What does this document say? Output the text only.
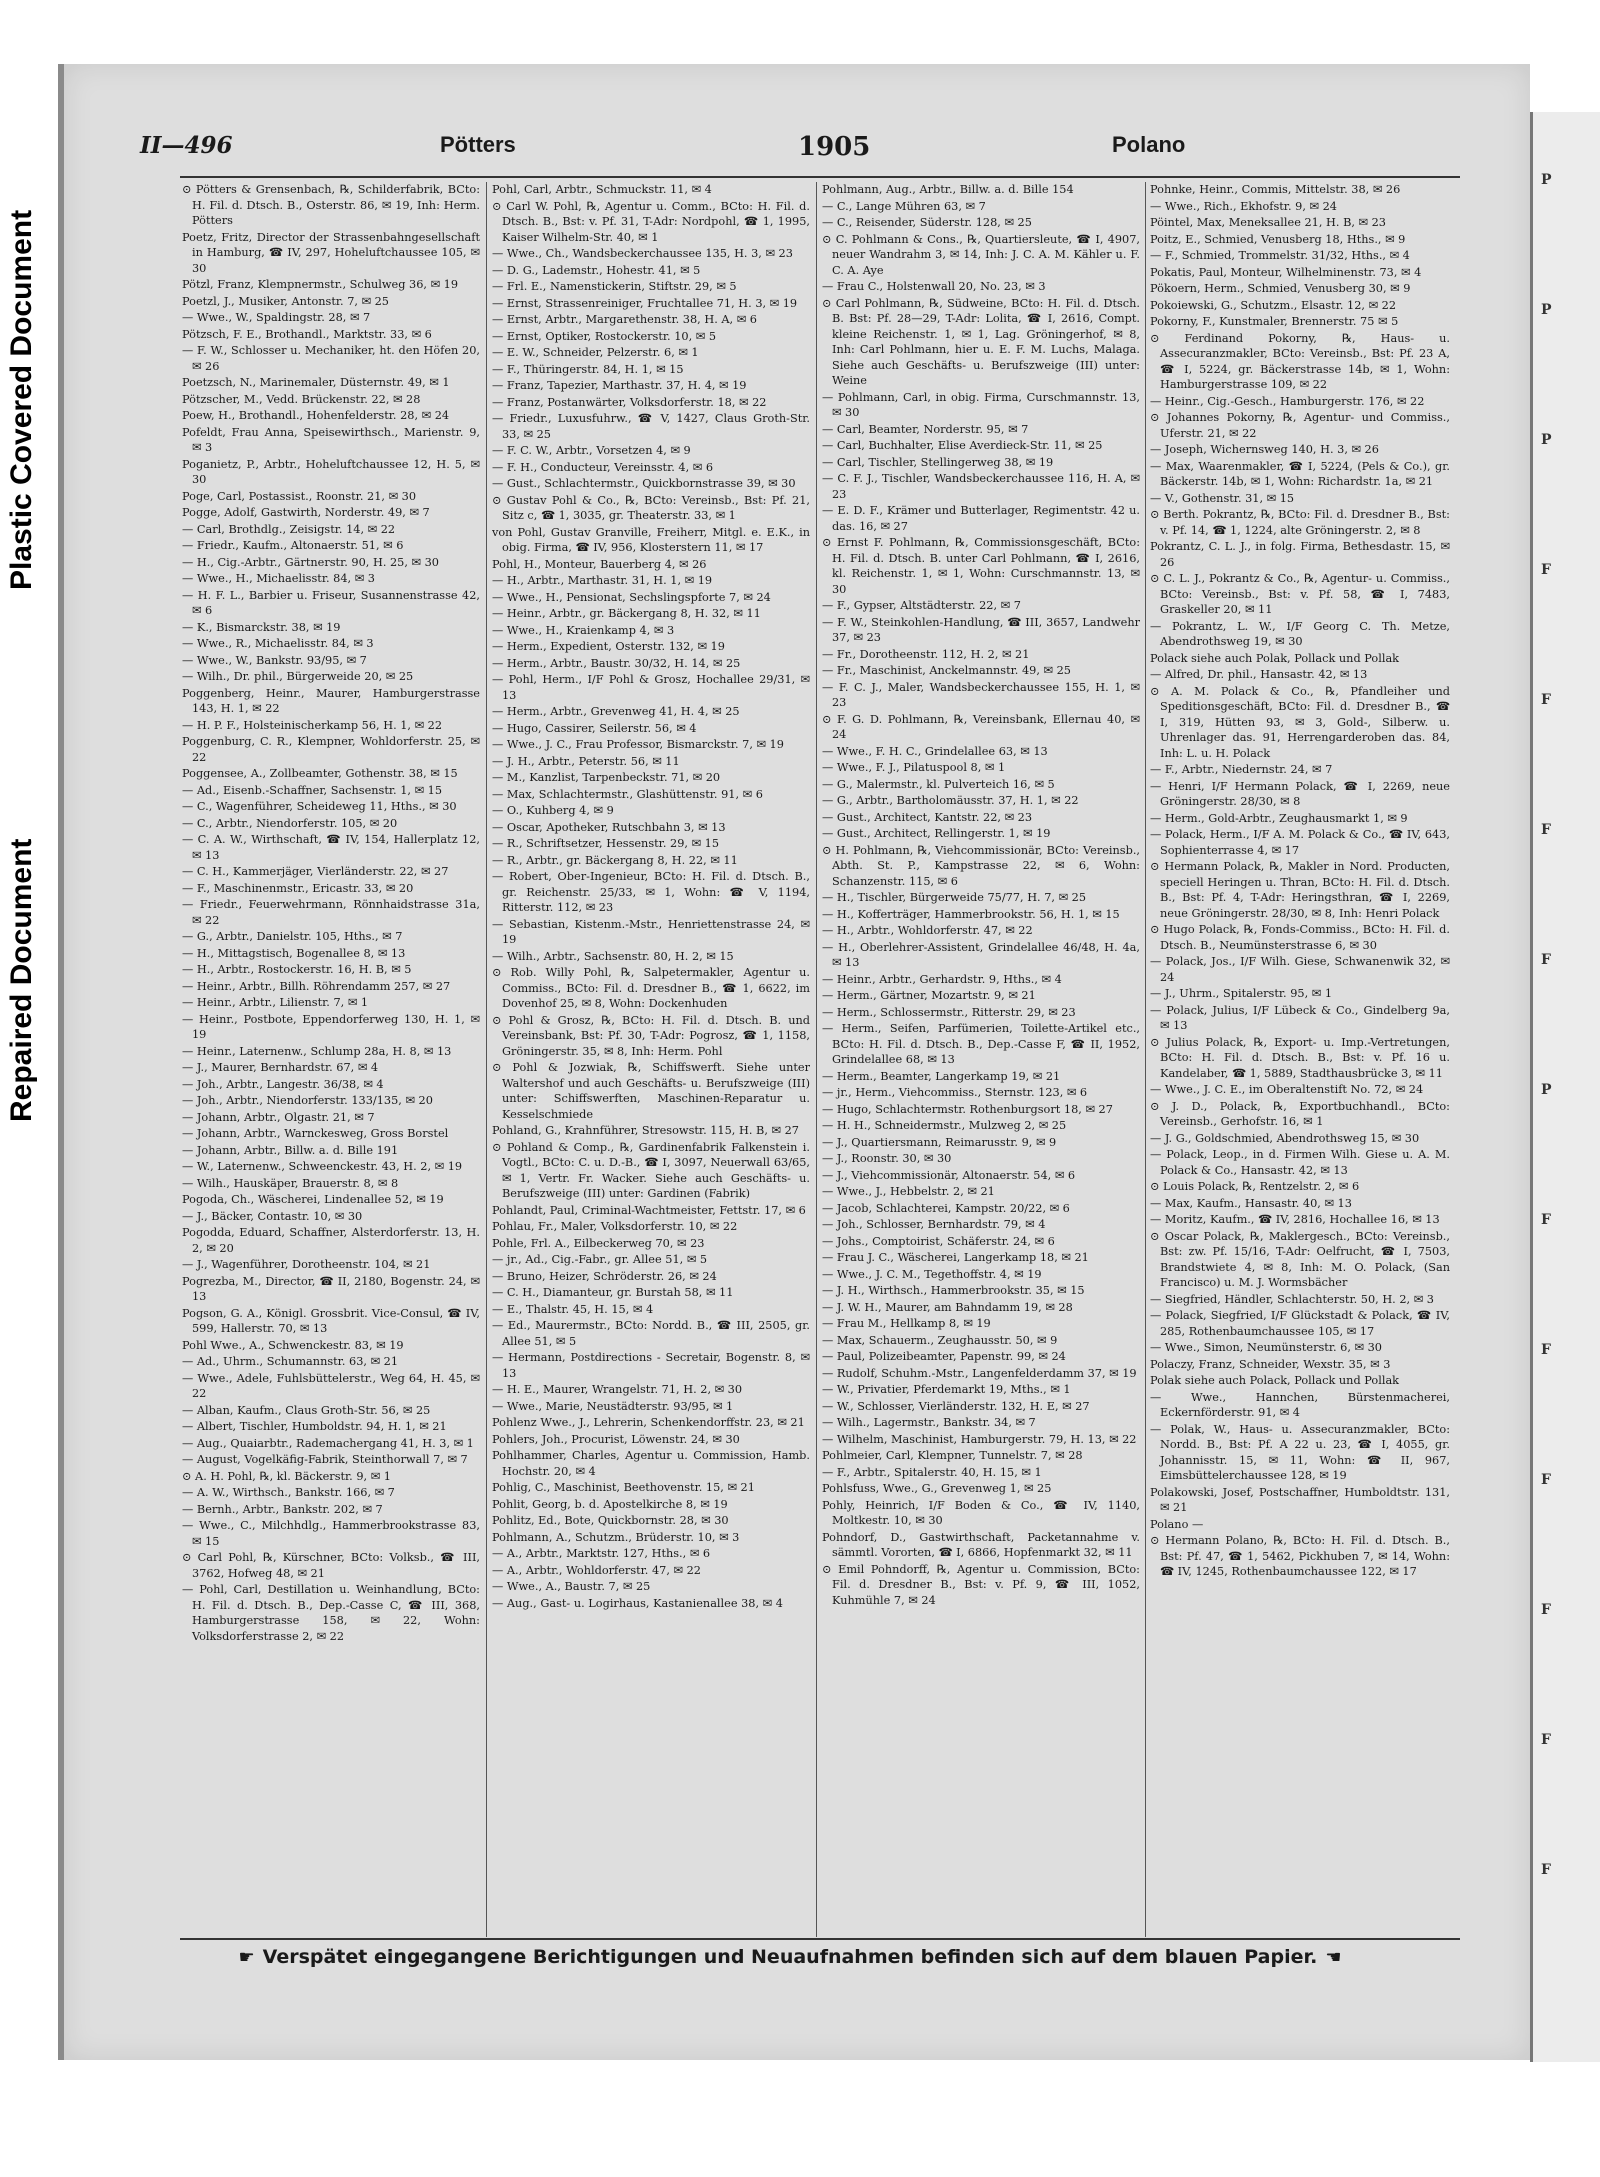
Plastic Covered Document
Repaired Document
P
P
P
F
F
F
F
P
F
F
F
F
F
F
II—496	Pötters	1905	Polano
⊙ Pötters & Grensenbach, ℞, Schilderfabrik, BCto: H. Fil. d. Dtsch. B., Osterstr. 86, ✉ 19, Inh: Herm. Pötters
Poetz, Fritz, Director der Strassenbahngesellschaft in Hamburg, ☎ IV, 297, Hoheluftchaussee 105, ✉ 30
Pötzl, Franz, Klempnermstr., Schulweg 36, ✉ 19
Poetzl, J., Musiker, Antonstr. 7, ✉ 25
— Wwe., W., Spaldingstr. 28, ✉ 7
Pötzsch, F. E., Brothandl., Marktstr. 33, ✉ 6
— F. W., Schlosser u. Mechaniker, ht. den Höfen 20, ✉ 26
Poetzsch, N., Marinemaler, Düsternstr. 49, ✉ 1
Pötzscher, M., Vedd. Brückenstr. 22, ✉ 28
Poew, H., Brothandl., Hohenfelderstr. 28, ✉ 24
Pofeldt, Frau Anna, Speisewirthsch., Marienstr. 9, ✉ 3
Poganietz, P., Arbtr., Hoheluftchaussee 12, H. 5, ✉ 30
Poge, Carl, Postassist., Roonstr. 21, ✉ 30
Pogge, Adolf, Gastwirth, Norderstr. 49, ✉ 7
— Carl, Brothdlg., Zeisigstr. 14, ✉ 22
— Friedr., Kaufm., Altonaerstr. 51, ✉ 6
— H., Cig.-Arbtr., Gärtnerstr. 90, H. 25, ✉ 30
— Wwe., H., Michaelisstr. 84, ✉ 3
— H. F. L., Barbier u. Friseur, Susannenstrasse 42, ✉ 6
— K., Bismarckstr. 38, ✉ 19
— Wwe., R., Michaelisstr. 84, ✉ 3
— Wwe., W., Bankstr. 93/95, ✉ 7
— Wilh., Dr. phil., Bürgerweide 20, ✉ 25
Poggenberg, Heinr., Maurer, Hamburgerstrasse 143, H. 1, ✉ 22
— H. P. F., Holsteinischerkamp 56, H. 1, ✉ 22
Poggenburg, C. R., Klempner, Wohldorferstr. 25, ✉ 22
Poggensee, A., Zollbeamter, Gothenstr. 38, ✉ 15
— Ad., Eisenb.-Schaffner, Sachsenstr. 1, ✉ 15
— C., Wagenführer, Scheideweg 11, Hths., ✉ 30
— C., Arbtr., Niendorferstr. 105, ✉ 20
— C. A. W., Wirthschaft, ☎ IV, 154, Hallerplatz 12, ✉ 13
— C. H., Kammerjäger, Vierländerstr. 22, ✉ 27
— F., Maschinenmstr., Ericastr. 33, ✉ 20
— Friedr., Feuerwehrmann, Rönnhaidstrasse 31a, ✉ 22
— G., Arbtr., Danielstr. 105, Hths., ✉ 7
— H., Mittagstisch, Bogenallee 8, ✉ 13
— H., Arbtr., Rostockerstr. 16, H. B, ✉ 5
— Heinr., Arbtr., Billh. Röhrendamm 257, ✉ 27
— Heinr., Arbtr., Lilienstr. 7, ✉ 1
— Heinr., Postbote, Eppendorferweg 130, H. 1, ✉ 19
— Heinr., Laternenw., Schlump 28a, H. 8, ✉ 13
— J., Maurer, Bernhardstr. 67, ✉ 4
— Joh., Arbtr., Langestr. 36/38, ✉ 4
— Joh., Arbtr., Niendorferstr. 133/135, ✉ 20
— Johann, Arbtr., Olgastr. 21, ✉ 7
— Johann, Arbtr., Warnckesweg, Gross Borstel
— Johann, Arbtr., Billw. a. d. Bille 191
— W., Laternenw., Schweenckestr. 43, H. 2, ✉ 19
— Wilh., Hauskäper, Brauerstr. 8, ✉ 8
Pogoda, Ch., Wäscherei, Lindenallee 52, ✉ 19
— J., Bäcker, Contastr. 10, ✉ 30
Pogodda, Eduard, Schaffner, Alsterdorferstr. 13, H. 2, ✉ 20
— J., Wagenführer, Dorotheenstr. 104, ✉ 21
Pogrezba, M., Director, ☎ II, 2180, Bogenstr. 24, ✉ 13
Pogson, G. A., Königl. Grossbrit. Vice-Consul, ☎ IV, 599, Hallerstr. 70, ✉ 13
Pohl Wwe., A., Schwenckestr. 83, ✉ 19
— Ad., Uhrm., Schumannstr. 63, ✉ 21
— Wwe., Adele, Fuhlsbüttelerstr., Weg 64, H. 45, ✉ 22
— Alban, Kaufm., Claus Groth-Str. 56, ✉ 25
— Albert, Tischler, Humboldstr. 94, H. 1, ✉ 21
— Aug., Quaiarbtr., Rademachergang 41, H. 3, ✉ 1
— August, Vogelkäfig-Fabrik, Steinthorwall 7, ✉ 7
⊙ A. H. Pohl, ℞, kl. Bäckerstr. 9, ✉ 1
— A. W., Wirthsch., Bankstr. 166, ✉ 7
— Bernh., Arbtr., Bankstr. 202, ✉ 7
— Wwe., C., Milchhdlg., Hammerbrookstrasse 83, ✉ 15
⊙ Carl Pohl, ℞, Kürschner, BCto: Volksb., ☎ III, 3762, Hofweg 48, ✉ 21
— Pohl, Carl, Destillation u. Weinhandlung, BCto: H. Fil. d. Dtsch. B., Dep.-Casse C, ☎ III, 368, Hamburgerstrasse 158, ✉ 22, Wohn: Volksdorferstrasse 2, ✉ 22
Pohl, Carl, Arbtr., Schmuckstr. 11, ✉ 4
⊙ Carl W. Pohl, ℞, Agentur u. Comm., BCto: H. Fil. d. Dtsch. B., Bst: v. Pf. 31, T-Adr: Nordpohl, ☎ 1, 1995, Kaiser Wilhelm-Str. 40, ✉ 1
— Wwe., Ch., Wandsbeckerchaussee 135, H. 3, ✉ 23
— D. G., Lademstr., Hohestr. 41, ✉ 5
— Frl. E., Namenstickerin, Stiftstr. 29, ✉ 5
— Ernst, Strassenreiniger, Fruchtallee 71, H. 3, ✉ 19
— Ernst, Arbtr., Margarethenstr. 38, H. A, ✉ 6
— Ernst, Optiker, Rostockerstr. 10, ✉ 5
— E. W., Schneider, Pelzerstr. 6, ✉ 1
— F., Thüringerstr. 84, H. 1, ✉ 15
— Franz, Tapezier, Marthastr. 37, H. 4, ✉ 19
— Franz, Postanwärter, Volksdorferstr. 18, ✉ 22
— Friedr., Luxusfuhrw., ☎ V, 1427, Claus Groth-Str. 33, ✉ 25
— F. C. W., Arbtr., Vorsetzen 4, ✉ 9
— F. H., Conducteur, Vereinsstr. 4, ✉ 6
— Gust., Schlachtermstr., Quickbornstrasse 39, ✉ 30
⊙ Gustav Pohl & Co., ℞, BCto: Vereinsb., Bst: Pf. 21, Sitz c, ☎ 1, 3035, gr. Theaterstr. 33, ✉ 1
von Pohl, Gustav Granville, Freiherr, Mitgl. e. E.K., in obig. Firma, ☎ IV, 956, Klosterstern 11, ✉ 17
Pohl, H., Monteur, Bauerberg 4, ✉ 26
— H., Arbtr., Marthastr. 31, H. 1, ✉ 19
— Wwe., H., Pensionat, Sechslingspforte 7, ✉ 24
— Heinr., Arbtr., gr. Bäckergang 8, H. 32, ✉ 11
— Wwe., H., Kraienkamp 4, ✉ 3
— Herm., Expedient, Osterstr. 132, ✉ 19
— Herm., Arbtr., Baustr. 30/32, H. 14, ✉ 25
— Pohl, Herm., I/F Pohl & Grosz, Hochallee 29/31, ✉ 13
— Herm., Arbtr., Grevenweg 41, H. 4, ✉ 25
— Hugo, Cassirer, Seilerstr. 56, ✉ 4
— Wwe., J. C., Frau Professor, Bismarckstr. 7, ✉ 19
— J. H., Arbtr., Peterstr. 56, ✉ 11
— M., Kanzlist, Tarpenbeckstr. 71, ✉ 20
— Max, Schlachtermstr., Glashüttenstr. 91, ✉ 6
— O., Kuhberg 4, ✉ 9
— Oscar, Apotheker, Rutschbahn 3, ✉ 13
— R., Schriftsetzer, Hessenstr. 29, ✉ 15
— R., Arbtr., gr. Bäckergang 8, H. 22, ✉ 11
— Robert, Ober-Ingenieur, BCto: H. Fil. d. Dtsch. B., gr. Reichenstr. 25/33, ✉ 1, Wohn: ☎ V, 1194, Ritterstr. 112, ✉ 23
— Sebastian, Kistenm.-Mstr., Henriettenstrasse 24, ✉ 19
— Wilh., Arbtr., Sachsenstr. 80, H. 2, ✉ 15
⊙ Rob. Willy Pohl, ℞, Salpetermakler, Agentur u. Commiss., BCto: Fil. d. Dresdner B., ☎ 1, 6622, im Dovenhof 25, ✉ 8, Wohn: Dockenhuden
⊙ Pohl & Grosz, ℞, BCto: H. Fil. d. Dtsch. B. und Vereinsbank, Bst: Pf. 30, T-Adr: Pogrosz, ☎ 1, 1158, Gröningerstr. 35, ✉ 8, Inh: Herm. Pohl
⊙ Pohl & Jozwiak, ℞, Schiffswerft. Siehe unter Waltershof und auch Geschäfts- u. Berufszweige (III) unter: Schiffswerften, Maschinen-Reparatur u. Kesselschmiede
Pohland, G., Krahnführer, Stresowstr. 115, H. B, ✉ 27
⊙ Pohland & Comp., ℞, Gardinenfabrik Falkenstein i. Vogtl., BCto: C. u. D.-B., ☎ I, 3097, Neuerwall 63/65, ✉ 1, Vertr. Fr. Wacker. Siehe auch Geschäfts- u. Berufszweige (III) unter: Gardinen (Fabrik)
Pohlandt, Paul, Criminal-Wachtmeister, Fettstr. 17, ✉ 6
Pohlau, Fr., Maler, Volksdorferstr. 10, ✉ 22
Pohle, Frl. A., Eilbeckerweg 70, ✉ 23
— jr., Ad., Cig.-Fabr., gr. Allee 51, ✉ 5
— Bruno, Heizer, Schröderstr. 26, ✉ 24
— C. H., Diamanteur, gr. Burstah 58, ✉ 11
— E., Thalstr. 45, H. 15, ✉ 4
— Ed., Maurermstr., BCto: Nordd. B., ☎ III, 2505, gr. Allee 51, ✉ 5
— Hermann, Postdirections - Secretair, Bogenstr. 8, ✉ 13
— H. E., Maurer, Wrangelstr. 71, H. 2, ✉ 30
— Wwe., Marie, Neustädterstr. 93/95, ✉ 1
Pohlenz Wwe., J., Lehrerin, Schenkendorffstr. 23, ✉ 21
Pohlers, Joh., Procurist, Löwenstr. 24, ✉ 30
Pohlhammer, Charles, Agentur u. Commission, Hamb. Hochstr. 20, ✉ 4
Pohlig, C., Maschinist, Beethovenstr. 15, ✉ 21
Pohlit, Georg, b. d. Apostelkirche 8, ✉ 19
Pohlitz, Ed., Bote, Quickbornstr. 28, ✉ 30
Pohlmann, A., Schutzm., Brüderstr. 10, ✉ 3
— A., Arbtr., Marktstr. 127, Hths., ✉ 6
— A., Arbtr., Wohldorferstr. 47, ✉ 22
— Wwe., A., Baustr. 7, ✉ 25
— Aug., Gast- u. Logirhaus, Kastanienallee 38, ✉ 4
Pohlmann, Aug., Arbtr., Billw. a. d. Bille 154
— C., Lange Mühren 63, ✉ 7
— C., Reisender, Süderstr. 128, ✉ 25
⊙ C. Pohlmann & Cons., ℞, Quartiersleute, ☎ I, 4907, neuer Wandrahm 3, ✉ 14, Inh: J. C. A. M. Kähler u. F. C. A. Aye
— Frau C., Holstenwall 20, No. 23, ✉ 3
⊙ Carl Pohlmann, ℞, Südweine, BCto: H. Fil. d. Dtsch. B. Bst: Pf. 28—29, T-Adr: Lolita, ☎ I, 2616, Compt. kleine Reichenstr. 1, ✉ 1, Lag. Gröningerhof, ✉ 8, Inh: Carl Pohlmann, hier u. E. F. M. Luchs, Malaga. Siehe auch Geschäfts- u. Berufszweige (III) unter: Weine
— Pohlmann, Carl, in obig. Firma, Curschmannstr. 13, ✉ 30
— Carl, Beamter, Norderstr. 95, ✉ 7
— Carl, Buchhalter, Elise Averdieck-Str. 11, ✉ 25
— Carl, Tischler, Stellingerweg 38, ✉ 19
— C. F. J., Tischler, Wandsbeckerchaussee 116, H. A, ✉ 23
— E. D. F., Krämer und Butterlager, Regimentstr. 42 u. das. 16, ✉ 27
⊙ Ernst F. Pohlmann, ℞, Commissionsgeschäft, BCto: H. Fil. d. Dtsch. B. unter Carl Pohlmann, ☎ I, 2616, kl. Reichenstr. 1, ✉ 1, Wohn: Curschmannstr. 13, ✉ 30
— F., Gypser, Altstädterstr. 22, ✉ 7
— F. W., Steinkohlen-Handlung, ☎ III, 3657, Landwehr 37, ✉ 23
— Fr., Dorotheenstr. 112, H. 2, ✉ 21
— Fr., Maschinist, Anckelmannstr. 49, ✉ 25
— F. C. J., Maler, Wandsbeckerchaussee 155, H. 1, ✉ 23
⊙ F. G. D. Pohlmann, ℞, Vereinsbank, Ellernau 40, ✉ 24
— Wwe., F. H. C., Grindelallee 63, ✉ 13
— Wwe., F. J., Pilatuspool 8, ✉ 1
— G., Malermstr., kl. Pulverteich 16, ✉ 5
— G., Arbtr., Bartholomäusstr. 37, H. 1, ✉ 22
— Gust., Architect, Kantstr. 22, ✉ 23
— Gust., Architect, Rellingerstr. 1, ✉ 19
⊙ H. Pohlmann, ℞, Viehcommissionär, BCto: Vereinsb., Abth. St. P., Kampstrasse 22, ✉ 6, Wohn: Schanzenstr. 115, ✉ 6
— H., Tischler, Bürgerweide 75/77, H. 7, ✉ 25
— H., Kofferträger, Hammerbrookstr. 56, H. 1, ✉ 15
— H., Arbtr., Wohldorferstr. 47, ✉ 22
— H., Oberlehrer-Assistent, Grindelallee 46/48, H. 4a, ✉ 13
— Heinr., Arbtr., Gerhardstr. 9, Hths., ✉ 4
— Herm., Gärtner, Mozartstr. 9, ✉ 21
— Herm., Schlossermstr., Ritterstr. 29, ✉ 23
— Herm., Seifen, Parfümerien, Toilette-Artikel etc., BCto: H. Fil. d. Dtsch. B., Dep.-Casse F, ☎ II, 1952, Grindelallee 68, ✉ 13
— Herm., Beamter, Langerkamp 19, ✉ 21
— jr., Herm., Viehcommiss., Sternstr. 123, ✉ 6
— Hugo, Schlachtermstr. Rothenburgsort 18, ✉ 27
— H. H., Schneidermstr., Mulzweg 2, ✉ 25
— J., Quartiersmann, Reimarusstr. 9, ✉ 9
— J., Roonstr. 30, ✉ 30
— J., Viehcommissionär, Altonaerstr. 54, ✉ 6
— Wwe., J., Hebbelstr. 2, ✉ 21
— Jacob, Schlachterei, Kampstr. 20/22, ✉ 6
— Joh., Schlosser, Bernhardstr. 79, ✉ 4
— Johs., Comptoirist, Schäferstr. 24, ✉ 6
— Frau J. C., Wäscherei, Langerkamp 18, ✉ 21
— Wwe., J. C. M., Tegethoffstr. 4, ✉ 19
— J. H., Wirthsch., Hammerbrookstr. 35, ✉ 15
— J. W. H., Maurer, am Bahndamm 19, ✉ 28
— Frau M., Hellkamp 8, ✉ 19
— Max, Schauerm., Zeughausstr. 50, ✉ 9
— Paul, Polizeibeamter, Papenstr. 99, ✉ 24
— Rudolf, Schuhm.-Mstr., Langenfelderdamm 37, ✉ 19
— W., Privatier, Pferdemarkt 19, Mths., ✉ 1
— W., Schlosser, Vierländerstr. 132, H. E, ✉ 27
— Wilh., Lagermstr., Bankstr. 34, ✉ 7
— Wilhelm, Maschinist, Hamburgerstr. 79, H. 13, ✉ 22
Pohlmeier, Carl, Klempner, Tunnelstr. 7, ✉ 28
— F., Arbtr., Spitalerstr. 40, H. 15, ✉ 1
Pohlsfuss, Wwe., G., Grevenweg 1, ✉ 25
Pohly, Heinrich, I/F Boden & Co., ☎ IV, 1140, Moltkestr. 10, ✉ 30
Pohndorf, D., Gastwirthschaft, Packetannahme v. sämmtl. Vororten, ☎ I, 6866, Hopfenmarkt 32, ✉ 11
⊙ Emil Pohndorff, ℞, Agentur u. Commission, BCto: Fil. d. Dresdner B., Bst: v. Pf. 9, ☎ III, 1052, Kuhmühle 7, ✉ 24
Pohnke, Heinr., Commis, Mittelstr. 38, ✉ 26
— Wwe., Rich., Ekhofstr. 9, ✉ 24
Pöintel, Max, Meneksallee 21, H. B, ✉ 23
Poitz, E., Schmied, Venusberg 18, Hths., ✉ 9
— F., Schmied, Trommelstr. 31/32, Hths., ✉ 4
Pokatis, Paul, Monteur, Wilhelminenstr. 73, ✉ 4
Pökoern, Herm., Schmied, Venusberg 30, ✉ 9
Pokoiewski, G., Schutzm., Elsastr. 12, ✉ 22
Pokorny, F., Kunstmaler, Brennerstr. 75 ✉ 5
⊙ Ferdinand Pokorny, ℞, Haus- u. Assecuranzmakler, BCto: Vereinsb., Bst: Pf. 23 A, ☎ I, 5224, gr. Bäckerstrasse 14b, ✉ 1, Wohn: Hamburgerstrasse 109, ✉ 22
— Heinr., Cig.-Gesch., Hamburgerstr. 176, ✉ 22
⊙ Johannes Pokorny, ℞, Agentur- und Commiss., Uferstr. 21, ✉ 22
— Joseph, Wichernsweg 140, H. 3, ✉ 26
— Max, Waarenmakler, ☎ I, 5224, (Pels & Co.), gr. Bäckerstr. 14b, ✉ 1, Wohn: Richardstr. 1a, ✉ 21
— V., Gothenstr. 31, ✉ 15
⊙ Berth. Pokrantz, ℞, BCto: Fil. d. Dresdner B., Bst: v. Pf. 14, ☎ 1, 1224, alte Gröningerstr. 2, ✉ 8
Pokrantz, C. L. J., in folg. Firma, Bethesdastr. 15, ✉ 26
⊙ C. L. J., Pokrantz & Co., ℞, Agentur- u. Commiss., BCto: Vereinsb., Bst: v. Pf. 58, ☎ I, 7483, Graskeller 20, ✉ 11
— Pokrantz, L. W., I/F Georg C. Th. Metze, Abendrothsweg 19, ✉ 30
Polack siehe auch Polak, Pollack und Pollak
— Alfred, Dr. phil., Hansastr. 42, ✉ 13
⊙ A. M. Polack & Co., ℞, Pfandleiher und Speditionsgeschäft, BCto: Fil. d. Dresdner B., ☎ I, 319, Hütten 93, ✉ 3, Gold-, Silberw. u. Uhrenlager das. 91, Herrengarderoben das. 84, Inh: L. u. H. Polack
— F., Arbtr., Niedernstr. 24, ✉ 7
— Henri, I/F Hermann Polack, ☎ I, 2269, neue Gröningerstr. 28/30, ✉ 8
— Herm., Gold-Arbtr., Zeughausmarkt 1, ✉ 9
— Polack, Herm., I/F A. M. Polack & Co., ☎ IV, 643, Sophienterrasse 4, ✉ 17
⊙ Hermann Polack, ℞, Makler in Nord. Producten, speciell Heringen u. Thran, BCto: H. Fil. d. Dtsch. B., Bst: Pf. 4, T-Adr: Heringsthran, ☎ I, 2269, neue Gröningerstr. 28/30, ✉ 8, Inh: Henri Polack
⊙ Hugo Polack, ℞, Fonds-Commiss., BCto: H. Fil. d. Dtsch. B., Neumünsterstrasse 6, ✉ 30
— Polack, Jos., I/F Wilh. Giese, Schwanenwik 32, ✉ 24
— J., Uhrm., Spitalerstr. 95, ✉ 1
— Polack, Julius, I/F Lübeck & Co., Gindelberg 9a, ✉ 13
⊙ Julius Polack, ℞, Export- u. Imp.-Vertretungen, BCto: H. Fil. d. Dtsch. B., Bst: v. Pf. 16 u. Kandelaber, ☎ 1, 5889, Stadthausbrücke 3, ✉ 11
— Wwe., J. C. E., im Oberaltenstift No. 72, ✉ 24
⊙ J. D., Polack, ℞, Exportbuchhandl., BCto: Vereinsb., Gerhofstr. 16, ✉ 1
— J. G., Goldschmied, Abendrothsweg 15, ✉ 30
— Polack, Leop., in d. Firmen Wilh. Giese u. A. M. Polack & Co., Hansastr. 42, ✉ 13
⊙ Louis Polack, ℞, Rentzelstr. 2, ✉ 6
— Max, Kaufm., Hansastr. 40, ✉ 13
— Moritz, Kaufm., ☎ IV, 2816, Hochallee 16, ✉ 13
⊙ Oscar Polack, ℞, Maklergesch., BCto: Vereinsb., Bst: zw. Pf. 15/16, T-Adr: Oelfrucht, ☎ I, 7503, Brandstwiete 4, ✉ 8, Inh: M. O. Polack, (San Francisco) u. M. J. Wormsbächer
— Siegfried, Händler, Schlachterstr. 50, H. 2, ✉ 3
— Polack, Siegfried, I/F Glückstadt & Polack, ☎ IV, 285, Rothenbaumchaussee 105, ✉ 17
— Wwe., Simon, Neumünsterstr. 6, ✉ 30
Polaczy, Franz, Schneider, Wexstr. 35, ✉ 3
Polak siehe auch Polack, Pollack und Pollak
— Wwe., Hannchen, Bürstenmacherei, Eckernförderstr. 91, ✉ 4
— Polak, W., Haus- u. Assecuranzmakler, BCto: Nordd. B., Bst: Pf. A 22 u. 23, ☎ I, 4055, gr. Johannisstr. 15, ✉ 11, Wohn: ☎ II, 967, Eimsbüttelerchaussee 128, ✉ 19
Polakowski, Josef, Postschaffner, Humboldtstr. 131, ✉ 21
Polano —
⊙ Hermann Polano, ℞, BCto: H. Fil. d. Dtsch. B., Bst: Pf. 47, ☎ 1, 5462, Pickhuben 7, ✉ 14, Wohn: ☎ IV, 1245, Rothenbaumchaussee 122, ✉ 17
☛ Verspätet eingegangene Berichtigungen und Neuaufnahmen befinden sich auf dem blauen Papier. ☚
